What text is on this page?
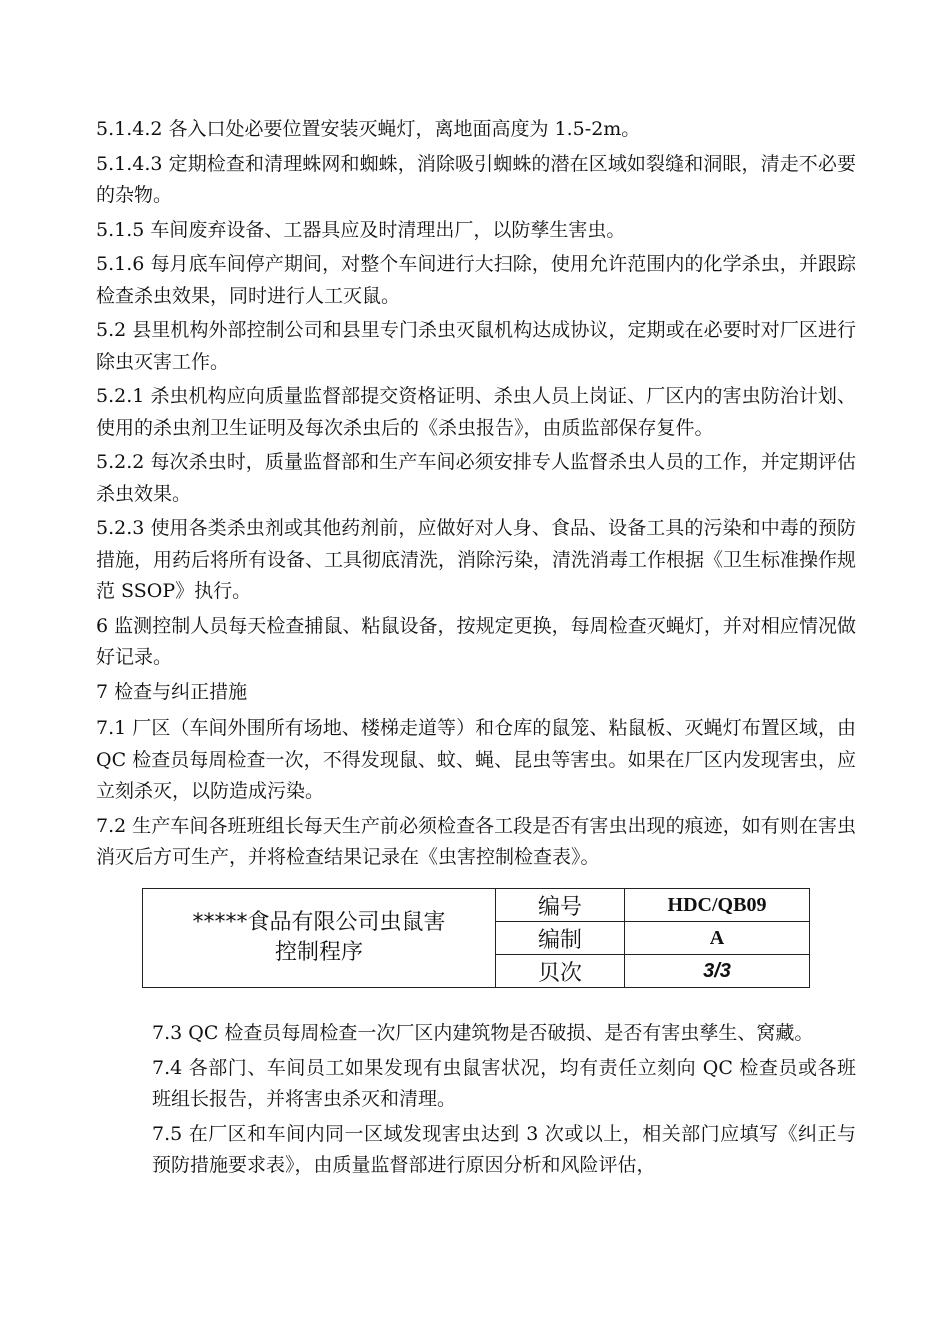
5.1.4.2 各入口处必要位置安装灭蝇灯，离地面高度为 1.5-2m。

5.1.4.3 定期检查和清理蛛网和蜘蛛，消除吸引蜘蛛的潜在区域如裂缝和洞眼，清走不必要的杂物。

5.1.5 车间废弃设备、工器具应及时清理出厂，以防孳生害虫。

5.1.6 每月底车间停产期间，对整个车间进行大扫除，使用允许范围内的化学杀虫，并跟踪检查杀虫效果，同时进行人工灭鼠。

5.2 县里机构外部控制公司和县里专门杀虫灭鼠机构达成协议，定期或在必要时对厂区进行除虫灭害工作。

5.2.1 杀虫机构应向质量监督部提交资格证明、杀虫人员上岗证、厂区内的害虫防治计划、使用的杀虫剂卫生证明及每次杀虫后的《杀虫报告》，由质监部保存复件。

5.2.2 每次杀虫时，质量监督部和生产车间必须安排专人监督杀虫人员的工作，并定期评估杀虫效果。

5.2.3 使用各类杀虫剂或其他药剂前，应做好对人身、食品、设备工具的污染和中毒的预防措施，用药后将所有设备、工具彻底清洗，消除污染，清洗消毒工作根据《卫生标准操作规范 SSOP》执行。

6 监测控制人员每天检查捕鼠、粘鼠设备，按规定更换，每周检查灭蝇灯，并对相应情况做好记录。

7 检查与纠正措施

7.1 厂区（车间外围所有场地、楼梯走道等）和仓库的鼠笼、粘鼠板、灭蝇灯布置区域，由 QC 检查员每周检查一次，不得发现鼠、蚊、蝇、昆虫等害虫。如果在厂区内发现害虫，应立刻杀灭，以防造成污染。

7.2 生产车间各班班组长每天生产前必须检查各工段是否有害虫出现的痕迹，如有则在害虫消灭后方可生产，并将检查结果记录在《虫害控制检查表》。

*****食品有限公司虫鼠害
控制程序	编号	HDC/QB09
	编制	A
	贝次	3/3

7.3 QC 检查员每周检查一次厂区内建筑物是否破损、是否有害虫孳生、窝藏。

7.4 各部门、车间员工如果发现有虫鼠害状况，均有责任立刻向 QC 检查员或各班班组长报告，并将害虫杀灭和清理。

7.5 在厂区和车间内同一区域发现害虫达到 3 次或以上，相关部门应填写《纠正与预防措施要求表》，由质量监督部进行原因分析和风险评估，
